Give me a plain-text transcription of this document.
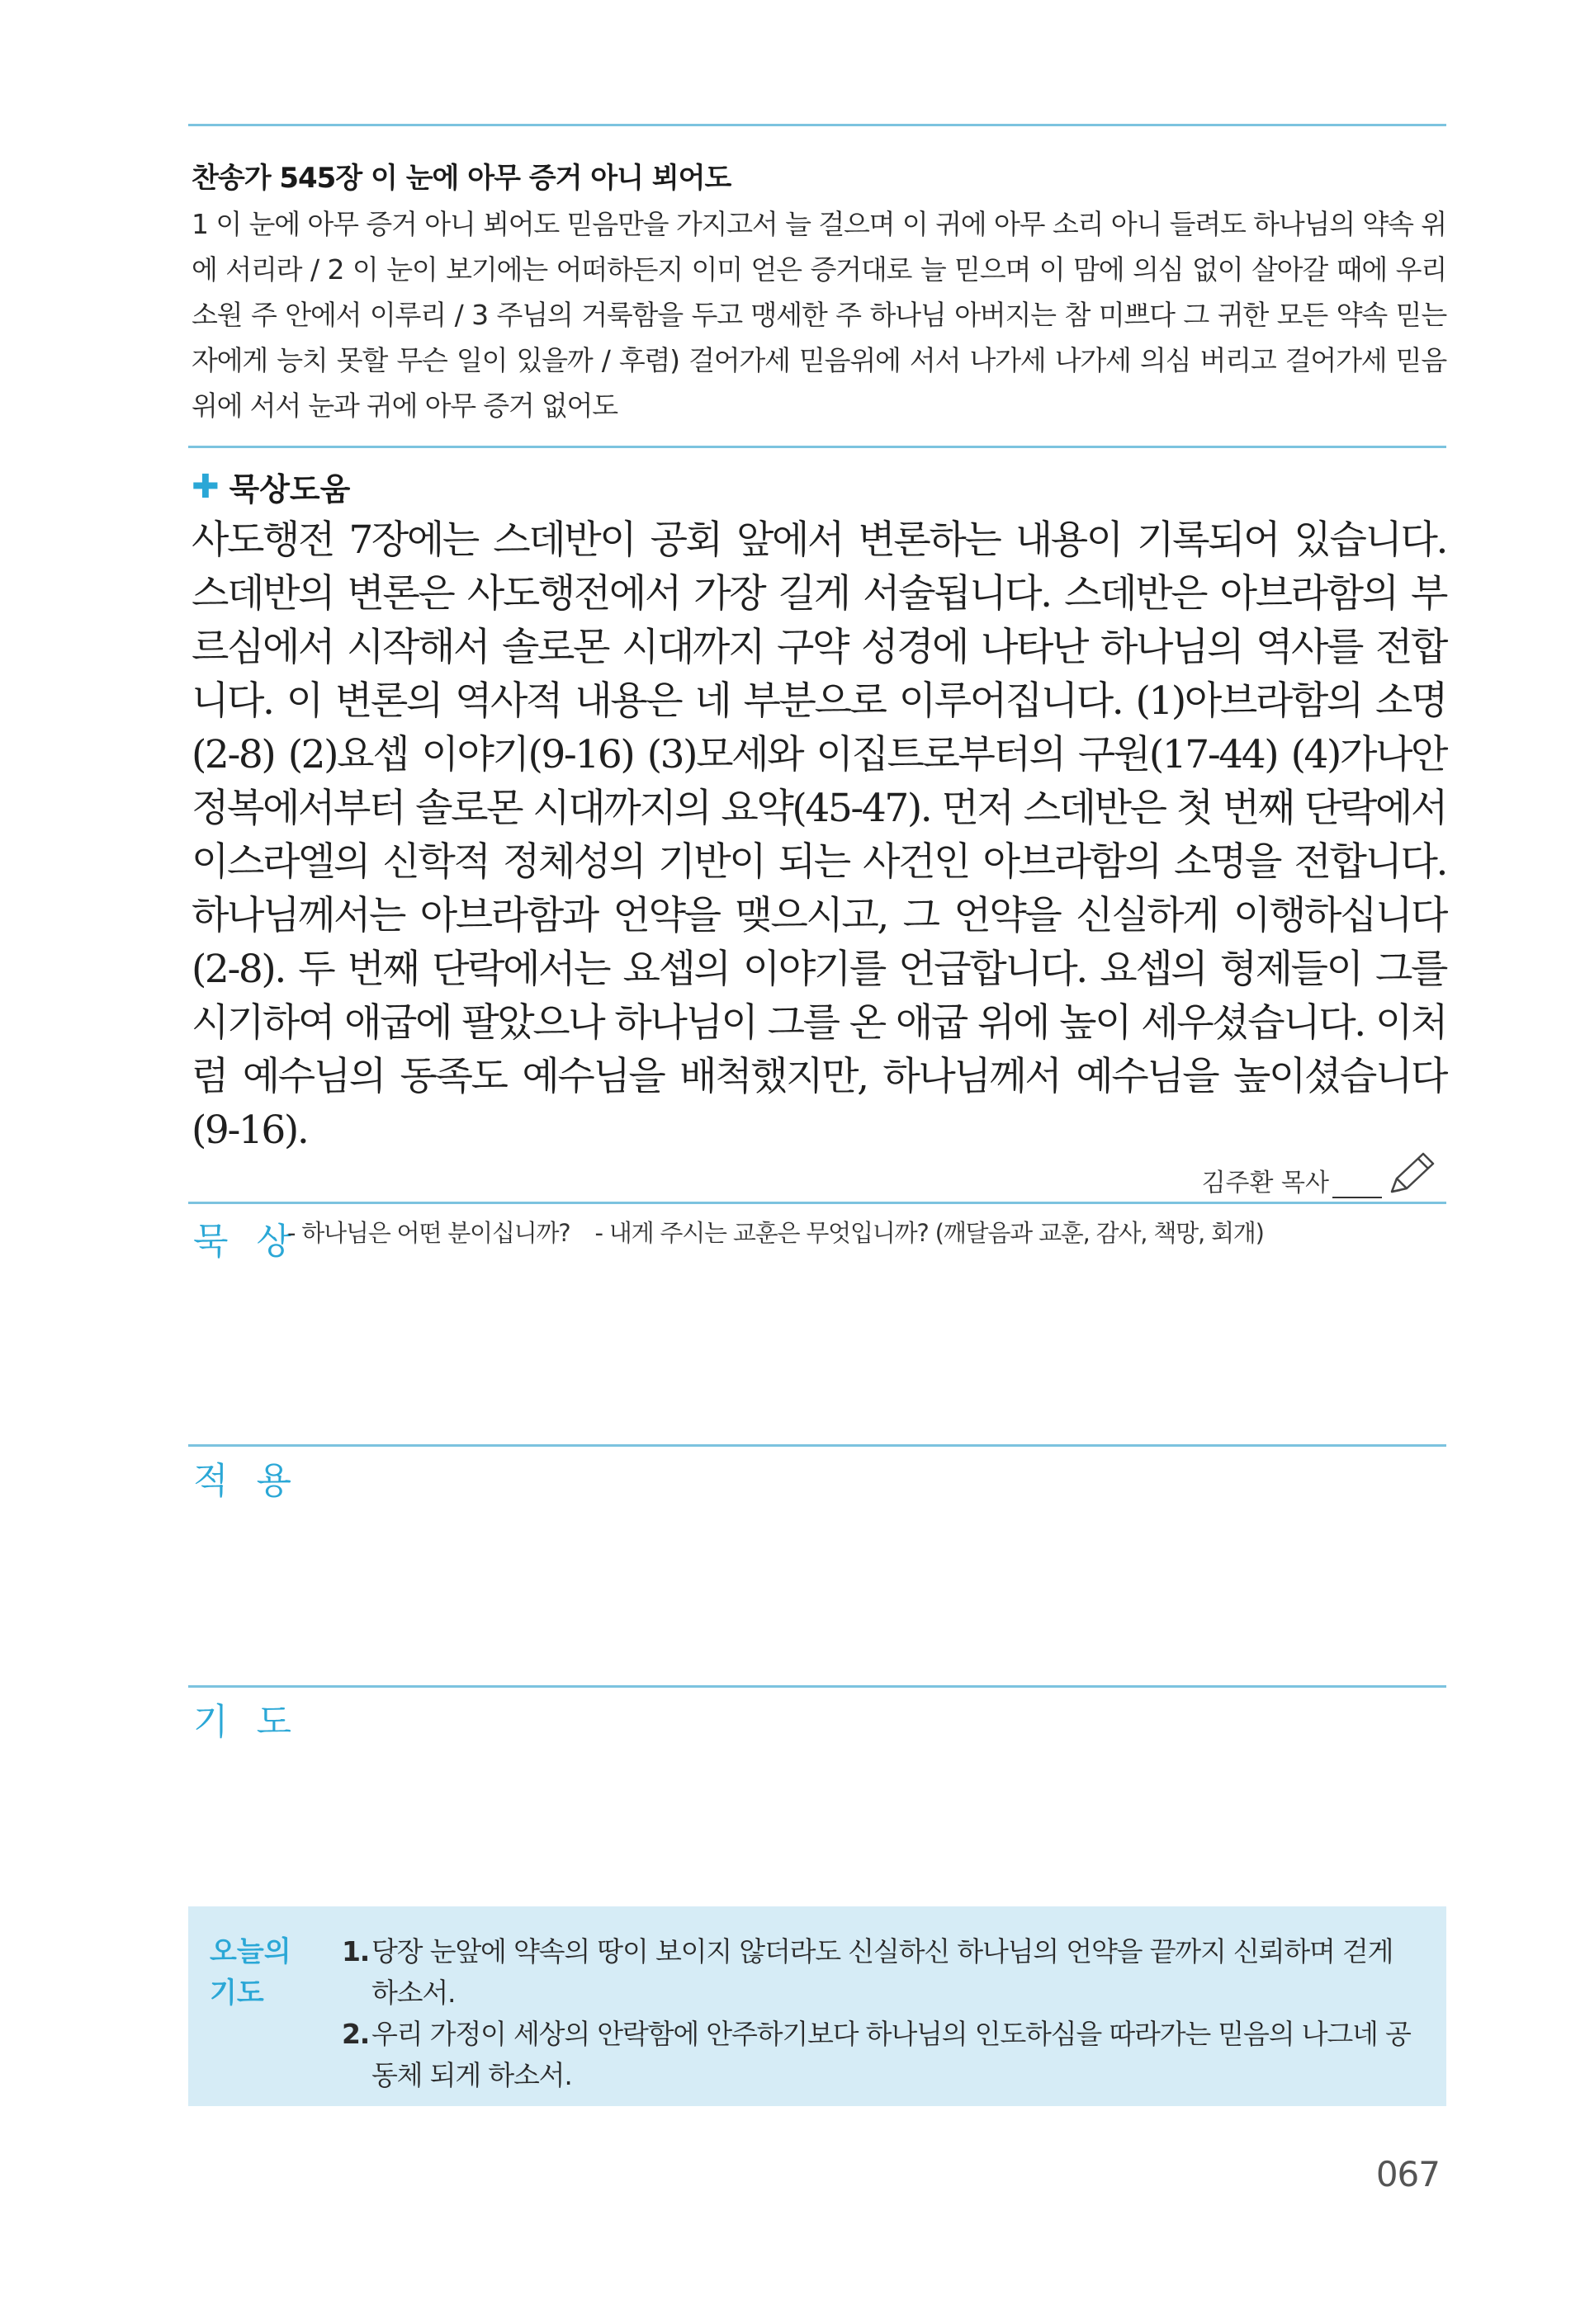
찬송가 545장 이 눈에 아무 증거 아니 뵈어도
1 이 눈에 아무 증거 아니 뵈어도 믿음만을 가지고서 늘 걸으며 이 귀에 아무 소리 아니 들려도 하나님의 약속 위에 서리라 / 2 이 눈이 보기에는 어떠하든지 이미 얻은 증거대로 늘 믿으며 이 맘에 의심 없이 살아갈 때에 우리 소원 주 안에서 이루리 / 3 주님의 거룩함을 두고 맹세한 주 하나님 아버지는 참 미쁘다 그 귀한 모든 약속 믿는 자에게 능치 못할 무슨 일이 있을까 / 후렴) 걸어가세 믿음위에 서서 나가세 나가세 의심 버리고 걸어가세 믿음위에 서서 눈과 귀에 아무 증거 없어도
✚ 묵상도움
사도행전 7장에는 스데반이 공회 앞에서 변론하는 내용이 기록되어 있습니다. 스데반의 변론은 사도행전에서 가장 길게 서술됩니다. 스데반은 아브라함의 부르심에서 시작해서 솔로몬 시대까지 구약 성경에 나타난 하나님의 역사를 전합니다. 이 변론의 역사적 내용은 네 부분으로 이루어집니다. (1)아브라함의 소명(2-8) (2)요셉 이야기(9-16) (3)모세와 이집트로부터의 구원(17-44) (4)가나안 정복에서부터 솔로몬 시대까지의 요약(45-47). 먼저 스데반은 첫 번째 단락에서 이스라엘의 신학적 정체성의 기반이 되는 사건인 아브라함의 소명을 전합니다. 하나님께서는 아브라함과 언약을 맺으시고, 그 언약을 신실하게 이행하십니다(2-8). 두 번째 단락에서는 요셉의 이야기를 언급합니다. 요셉의 형제들이 그를 시기하여 애굽에 팔았으나 하나님이 그를 온 애굽 위에 높이 세우셨습니다. 이처럼 예수님의 동족도 예수님을 배척했지만, 하나님께서 예수님을 높이셨습니다(9-16).
김주환 목사
묵 상
- 하나님은 어떤 분이십니까? - 내게 주시는 교훈은 무엇입니까? (깨달음과 교훈, 감사, 책망, 회개)
적 용
기 도
오늘의 기도
1. 당장 눈앞에 약속의 땅이 보이지 않더라도 신실하신 하나님의 언약을 끝까지 신뢰하며 걷게 하소서.
2. 우리 가정이 세상의 안락함에 안주하기보다 하나님의 인도하심을 따라가는 믿음의 나그네 공동체 되게 하소서.
067
